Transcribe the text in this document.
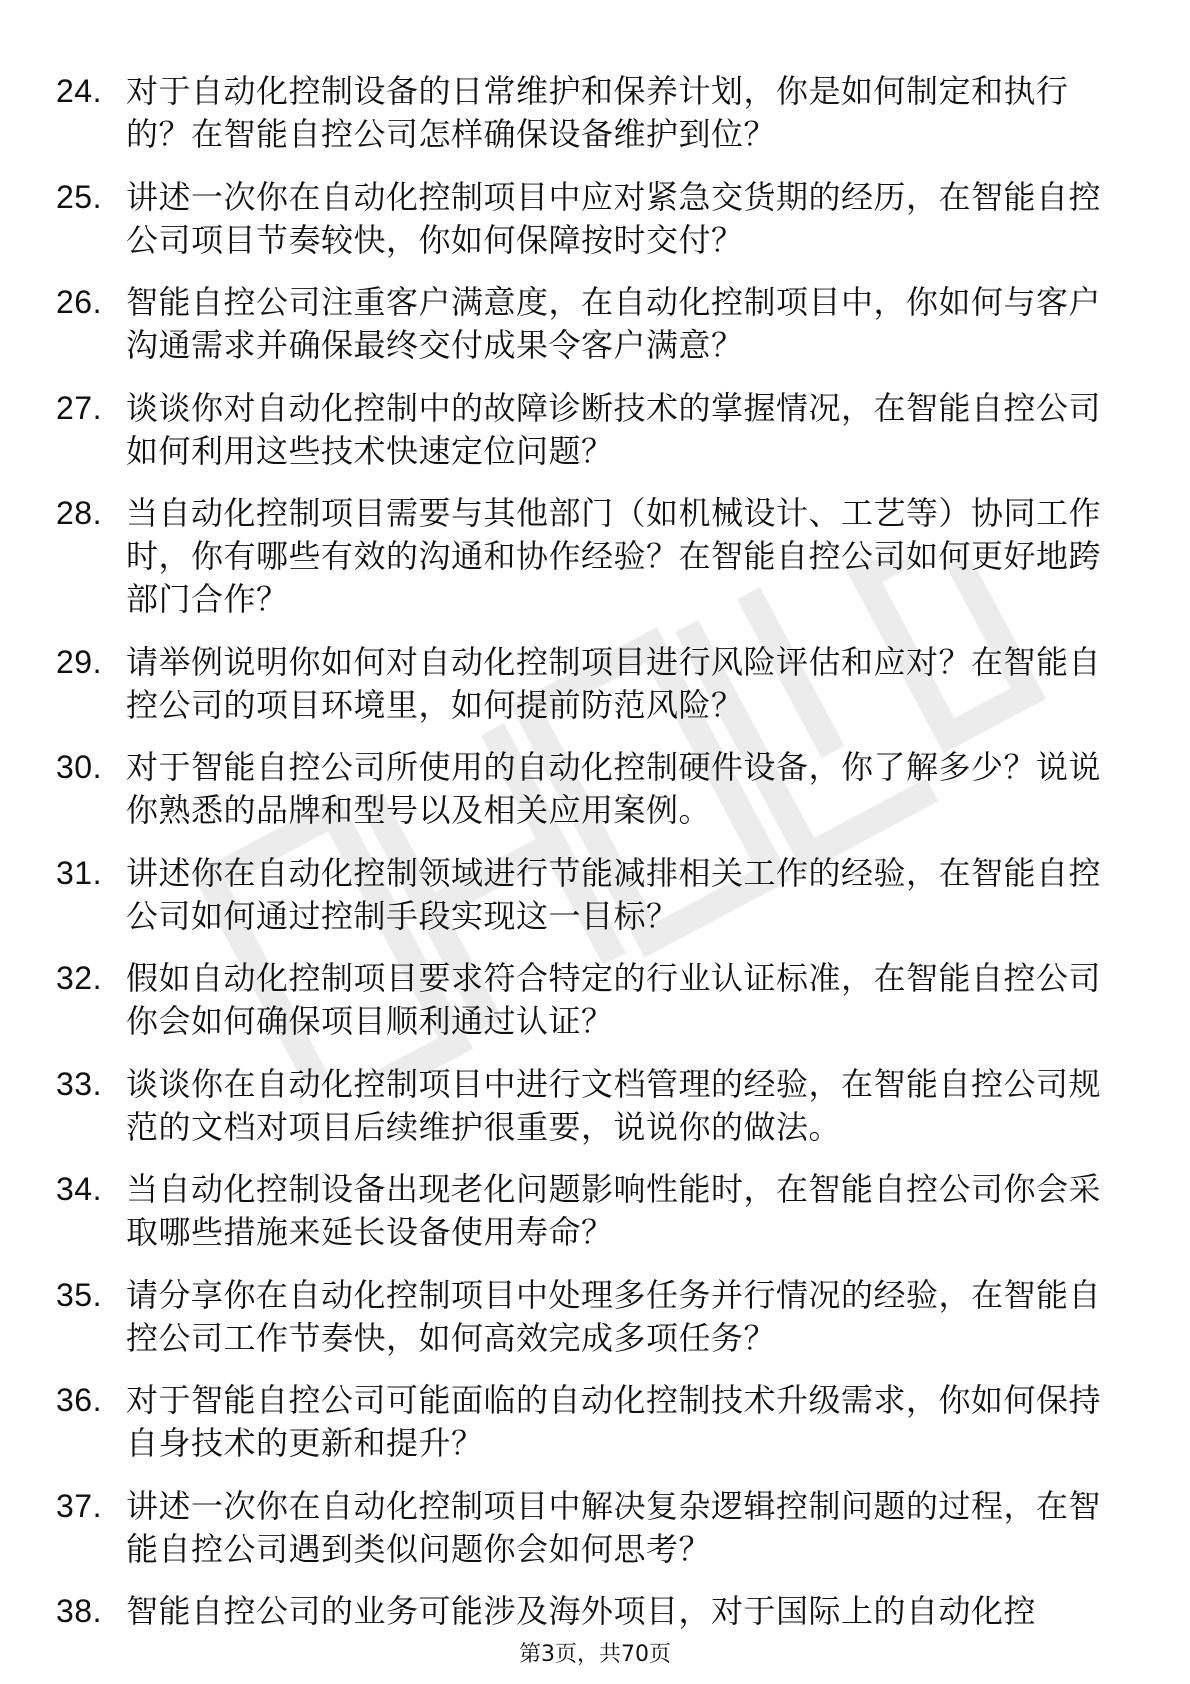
24. 对于自动化控制设备的日常维护和保养计划，你是如何制定和执行的？在智能自控公司怎样确保设备维护到位？
25. 讲述一次你在自动化控制项目中应对紧急交货期的经历，在智能自控公司项目节奏较快，你如何保障按时交付？
26. 智能自控公司注重客户满意度，在自动化控制项目中，你如何与客户沟通需求并确保最终交付成果令客户满意？
27. 谈谈你对自动化控制中的故障诊断技术的掌握情况，在智能自控公司如何利用这些技术快速定位问题？
28. 当自动化控制项目需要与其他部门（如机械设计、工艺等）协同工作时，你有哪些有效的沟通和协作经验？在智能自控公司如何更好地跨部门合作？
29. 请举例说明你如何对自动化控制项目进行风险评估和应对？在智能自控公司的项目环境里，如何提前防范风险？
30. 对于智能自控公司所使用的自动化控制硬件设备，你了解多少？说说你熟悉的品牌和型号以及相关应用案例。
31. 讲述你在自动化控制领域进行节能减排相关工作的经验，在智能自控公司如何通过控制手段实现这一目标？
32. 假如自动化控制项目要求符合特定的行业认证标准，在智能自控公司你会如何确保项目顺利通过认证？
33. 谈谈你在自动化控制项目中进行文档管理的经验，在智能自控公司规范的文档对项目后续维护很重要，说说你的做法。
34. 当自动化控制设备出现老化问题影响性能时，在智能自控公司你会采取哪些措施来延长设备使用寿命？
35. 请分享你在自动化控制项目中处理多任务并行情况的经验，在智能自控公司工作节奏快，如何高效完成多项任务？
36. 对于智能自控公司可能面临的自动化控制技术升级需求，你如何保持自身技术的更新和提升？
37. 讲述一次你在自动化控制项目中解决复杂逻辑控制问题的过程，在智能自控公司遇到类似问题你会如何思考？
38. 智能自控公司的业务可能涉及海外项目，对于国际上的自动化控
第3页，共70页
